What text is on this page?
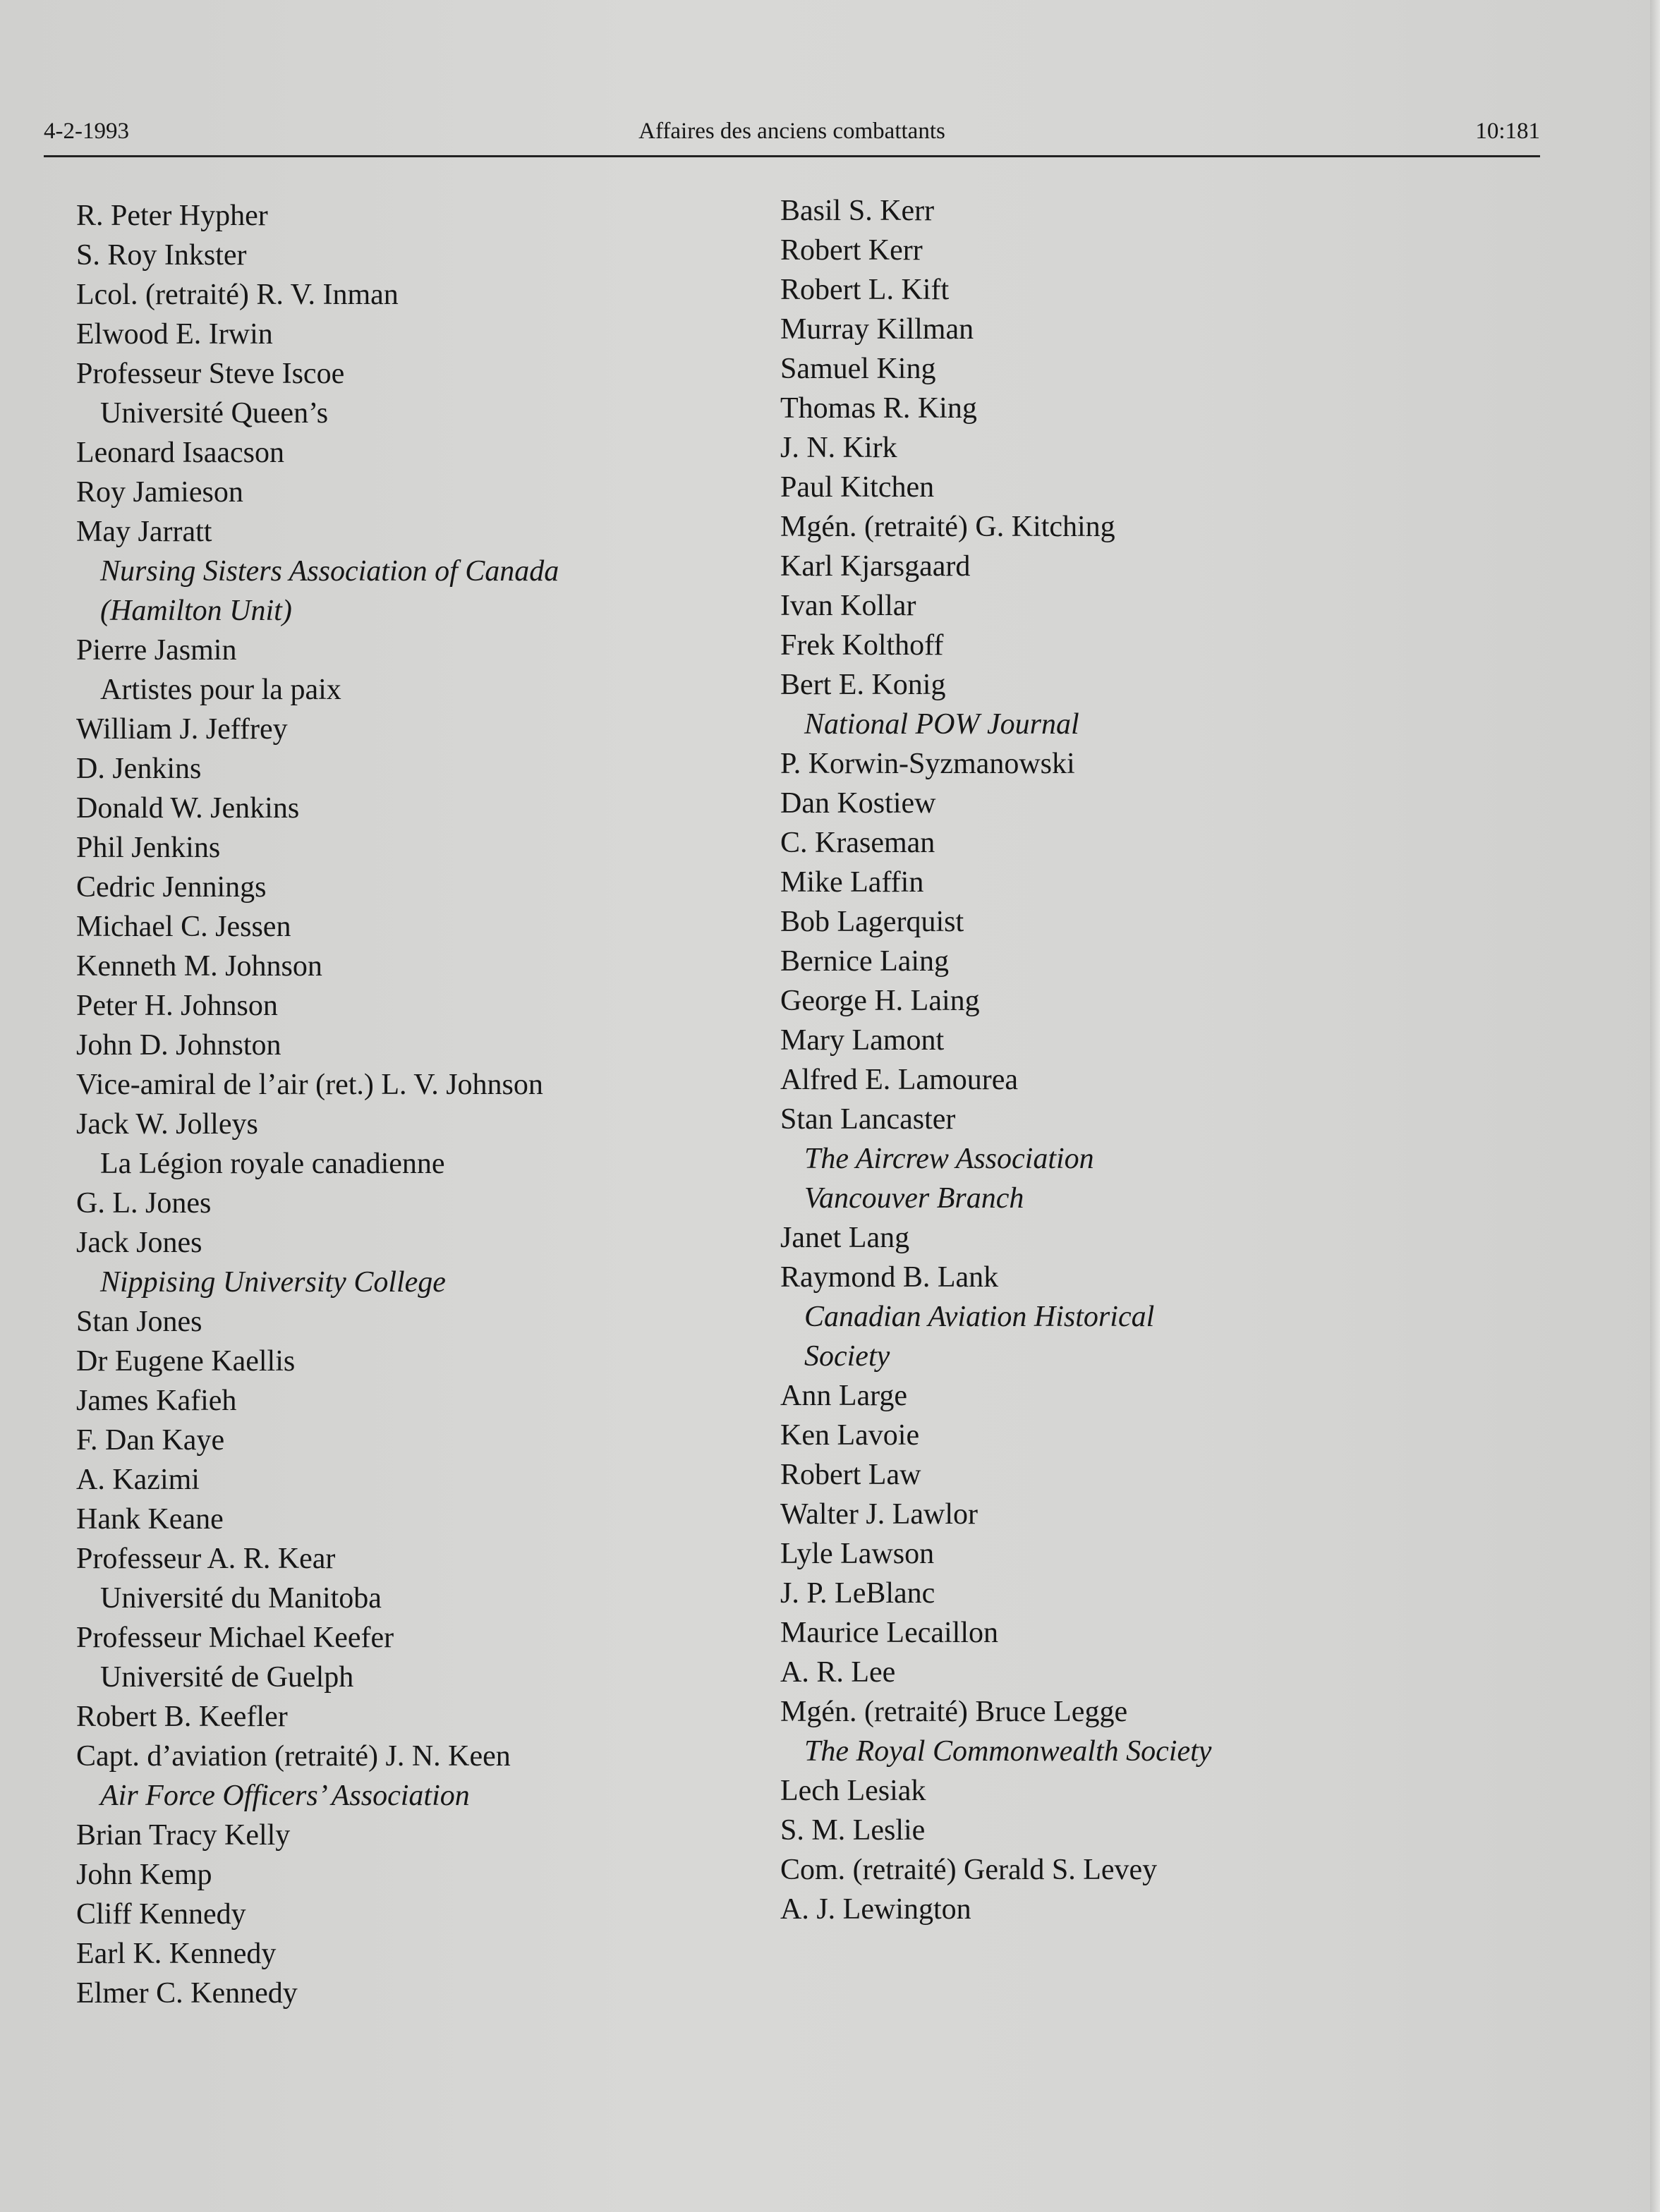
4-2-1993	Affaires des anciens combattants	10:181
R. Peter Hypher
S. Roy Inkster
Lcol. (retraité) R. V. Inman
Elwood E. Irwin
Professeur Steve Iscoe
Université Queen’s
Leonard Isaacson
Roy Jamieson
May Jarratt
Nursing Sisters Association of Canada
(Hamilton Unit)
Pierre Jasmin
Artistes pour la paix
William J. Jeffrey
D. Jenkins
Donald W. Jenkins
Phil Jenkins
Cedric Jennings
Michael C. Jessen
Kenneth M. Johnson
Peter H. Johnson
John D. Johnston
Vice-amiral de l’air (ret.) L. V. Johnson
Jack W. Jolleys
La Légion royale canadienne
G. L. Jones
Jack Jones
Nippising University College
Stan Jones
Dr Eugene Kaellis
James Kafieh
F. Dan Kaye
A. Kazimi
Hank Keane
Professeur A. R. Kear
Université du Manitoba
Professeur Michael Keefer
Université de Guelph
Robert B. Keefler
Capt. d’aviation (retraité) J. N. Keen
Air Force Officers’ Association
Brian Tracy Kelly
John Kemp
Cliff Kennedy
Earl K. Kennedy
Elmer C. Kennedy
Basil S. Kerr
Robert Kerr
Robert L. Kift
Murray Killman
Samuel King
Thomas R. King
J. N. Kirk
Paul Kitchen
Mgén. (retraité) G. Kitching
Karl Kjarsgaard
Ivan Kollar
Frek Kolthoff
Bert E. Konig
National POW Journal
P. Korwin-Syzmanowski
Dan Kostiew
C. Kraseman
Mike Laffin
Bob Lagerquist
Bernice Laing
George H. Laing
Mary Lamont
Alfred E. Lamourea
Stan Lancaster
The Aircrew Association
Vancouver Branch
Janet Lang
Raymond B. Lank
Canadian Aviation Historical
Society
Ann Large
Ken Lavoie
Robert Law
Walter J. Lawlor
Lyle Lawson
J. P. LeBlanc
Maurice Lecaillon
A. R. Lee
Mgén. (retraité) Bruce Legge
The Royal Commonwealth Society
Lech Lesiak
S. M. Leslie
Com. (retraité) Gerald S. Levey
A. J. Lewington
